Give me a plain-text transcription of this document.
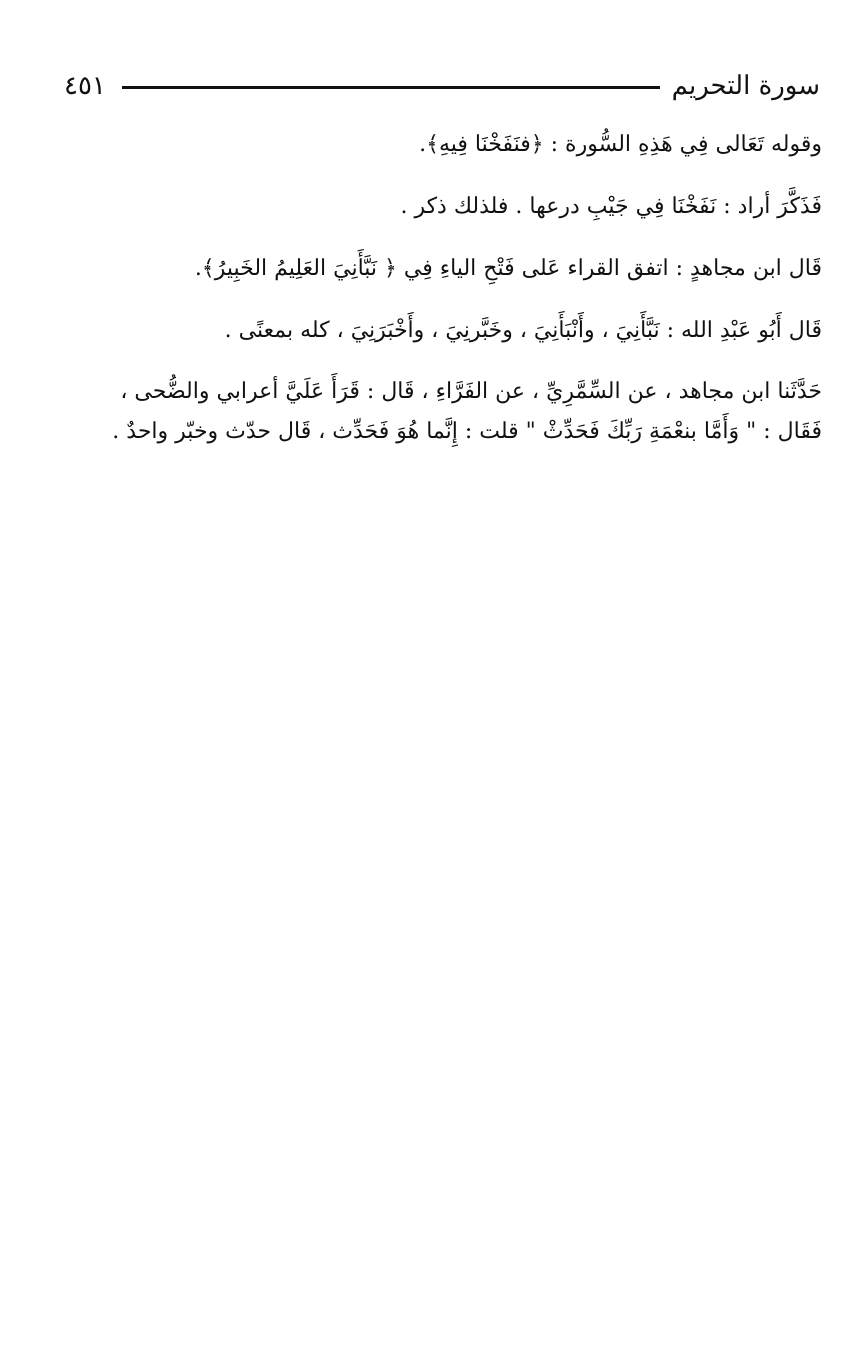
٤٥١	سورة التحريم

وقوله تَعَالى فِي هَذِهِ السُّورة : ﴿فنَفَخْنَا فِيهِ﴾.

فَذَكَّرَ أراد : نَفَخْنَا فِي جَيْبِ درعها . فلذلك ذكر .

قَال ابن مجاهدٍ : اتفق القراء عَلى فَتْحِ الياءِ فِي ﴿ نَبَّأَنِيَ العَلِيمُ الخَبِيرُ﴾.

قَال أَبُو عَبْدِ الله : نَبَّأَنِيَ ، وأَنْبَأَنِيَ ، وخَبَّرنِيَ ، وأَخْبَرَنِيَ ، كله بمعنًى .

حَدَّثَنا ابن مجاهد ، عن السِّمَّرِيِّ ، عن الفَرَّاءِ ، قَال : قَرَأَ عَلَيَّ أعرابي والضُّحى ،
فَقَال : " وَأَمَّا بنعْمَةِ رَبِّكَ فَحَدِّثْ " قلت : إِنَّما هُوَ فَحَدِّث ، قَال حدّث وخبّر واحدٌ .
